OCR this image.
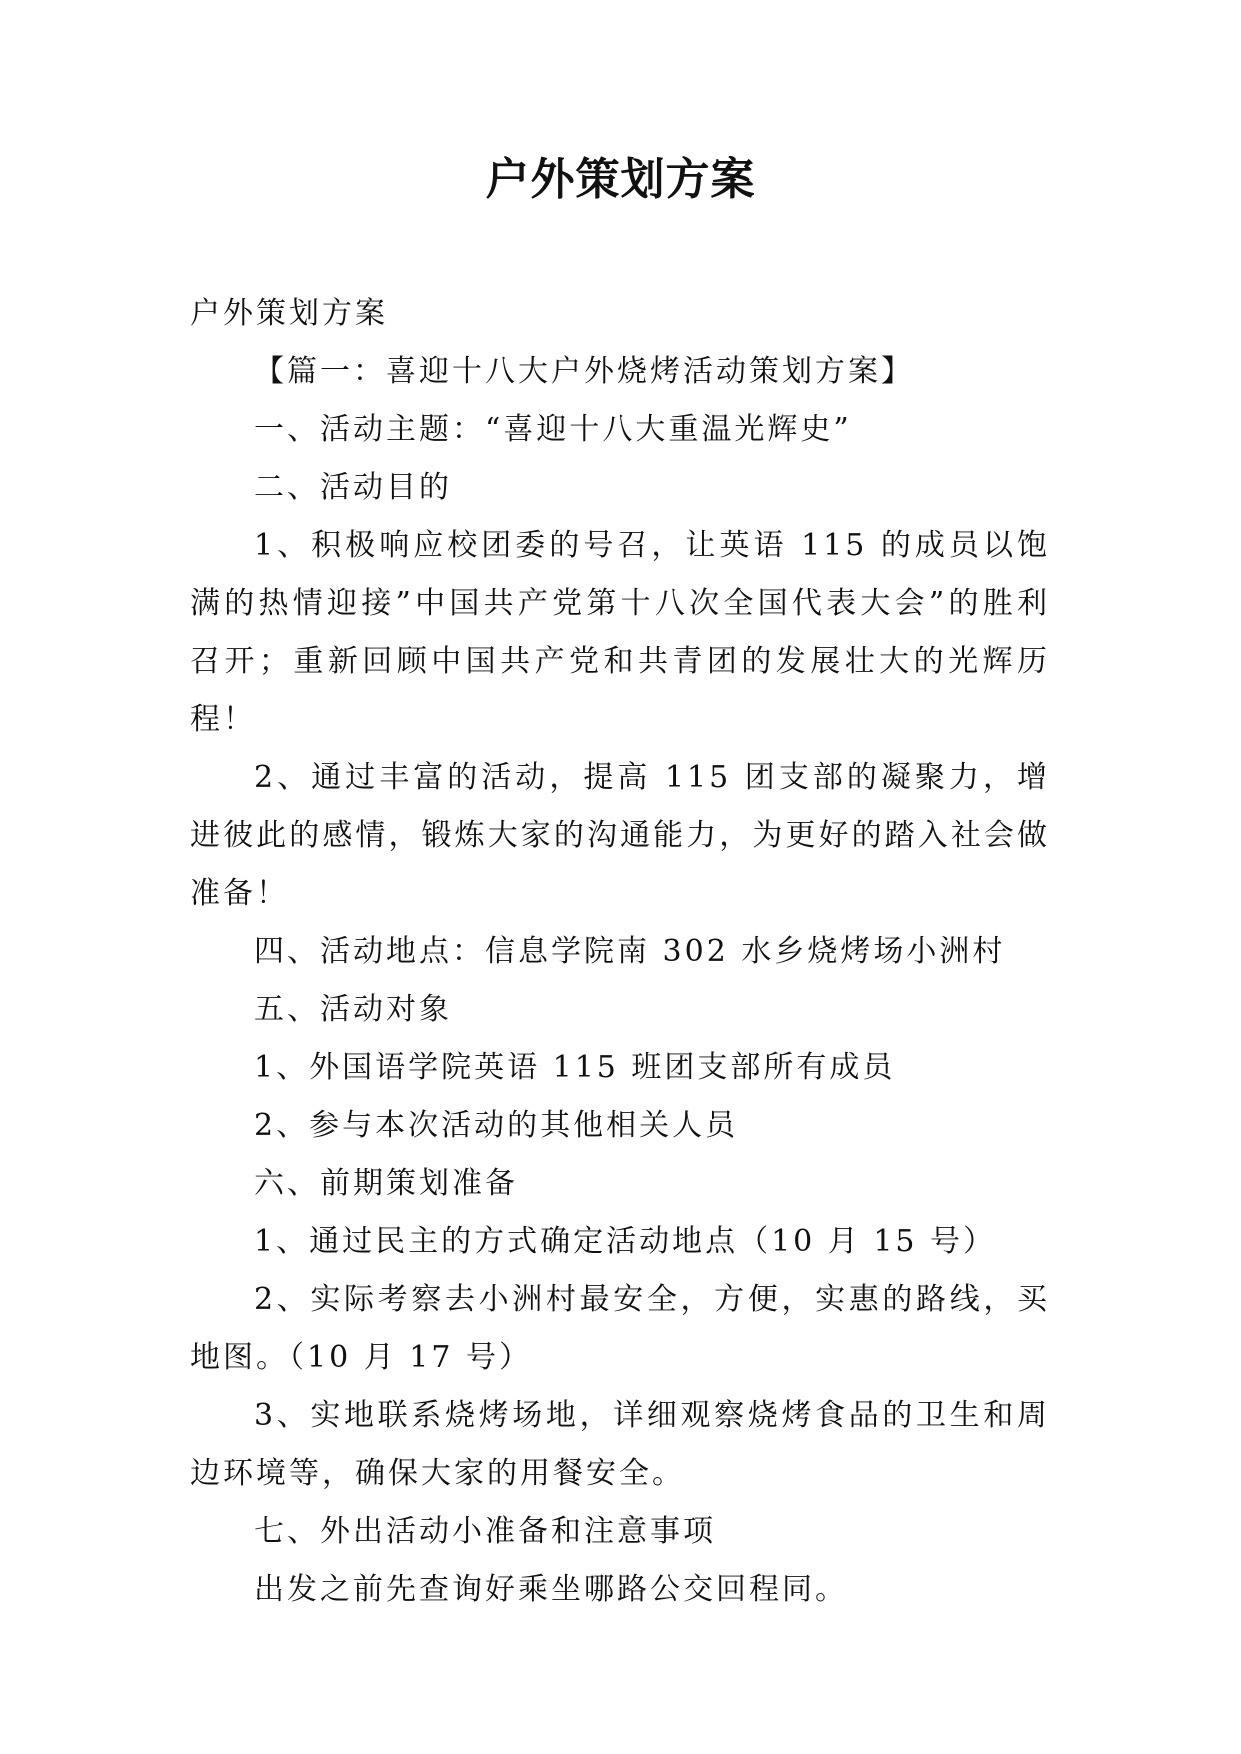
户外策划方案

户外策划方案

【篇一：喜迎十八大户外烧烤活动策划方案】

一、活动主题：“喜迎十八大重温光辉史”

二、活动目的

1、积极响应校团委的号召，让英语 115 的成员以饱满的热情迎接”中国共产党第十八次全国代表大会”的胜利召开；重新回顾中国共产党和共青团的发展壮大的光辉历程！

2、通过丰富的活动，提高 115 团支部的凝聚力，增进彼此的感情，锻炼大家的沟通能力，为更好的踏入社会做准备！

四、活动地点：信息学院南 302 水乡烧烤场小洲村

五、活动对象

1、外国语学院英语 115 班团支部所有成员

2、参与本次活动的其他相关人员

六、前期策划准备

1、通过民主的方式确定活动地点（10 月 15 号）

2、实际考察去小洲村最安全，方便，实惠的路线，买地图。（10 月 17 号）

3、实地联系烧烤场地，详细观察烧烤食品的卫生和周边环境等，确保大家的用餐安全。

七、外出活动小准备和注意事项

出发之前先查询好乘坐哪路公交回程同。
